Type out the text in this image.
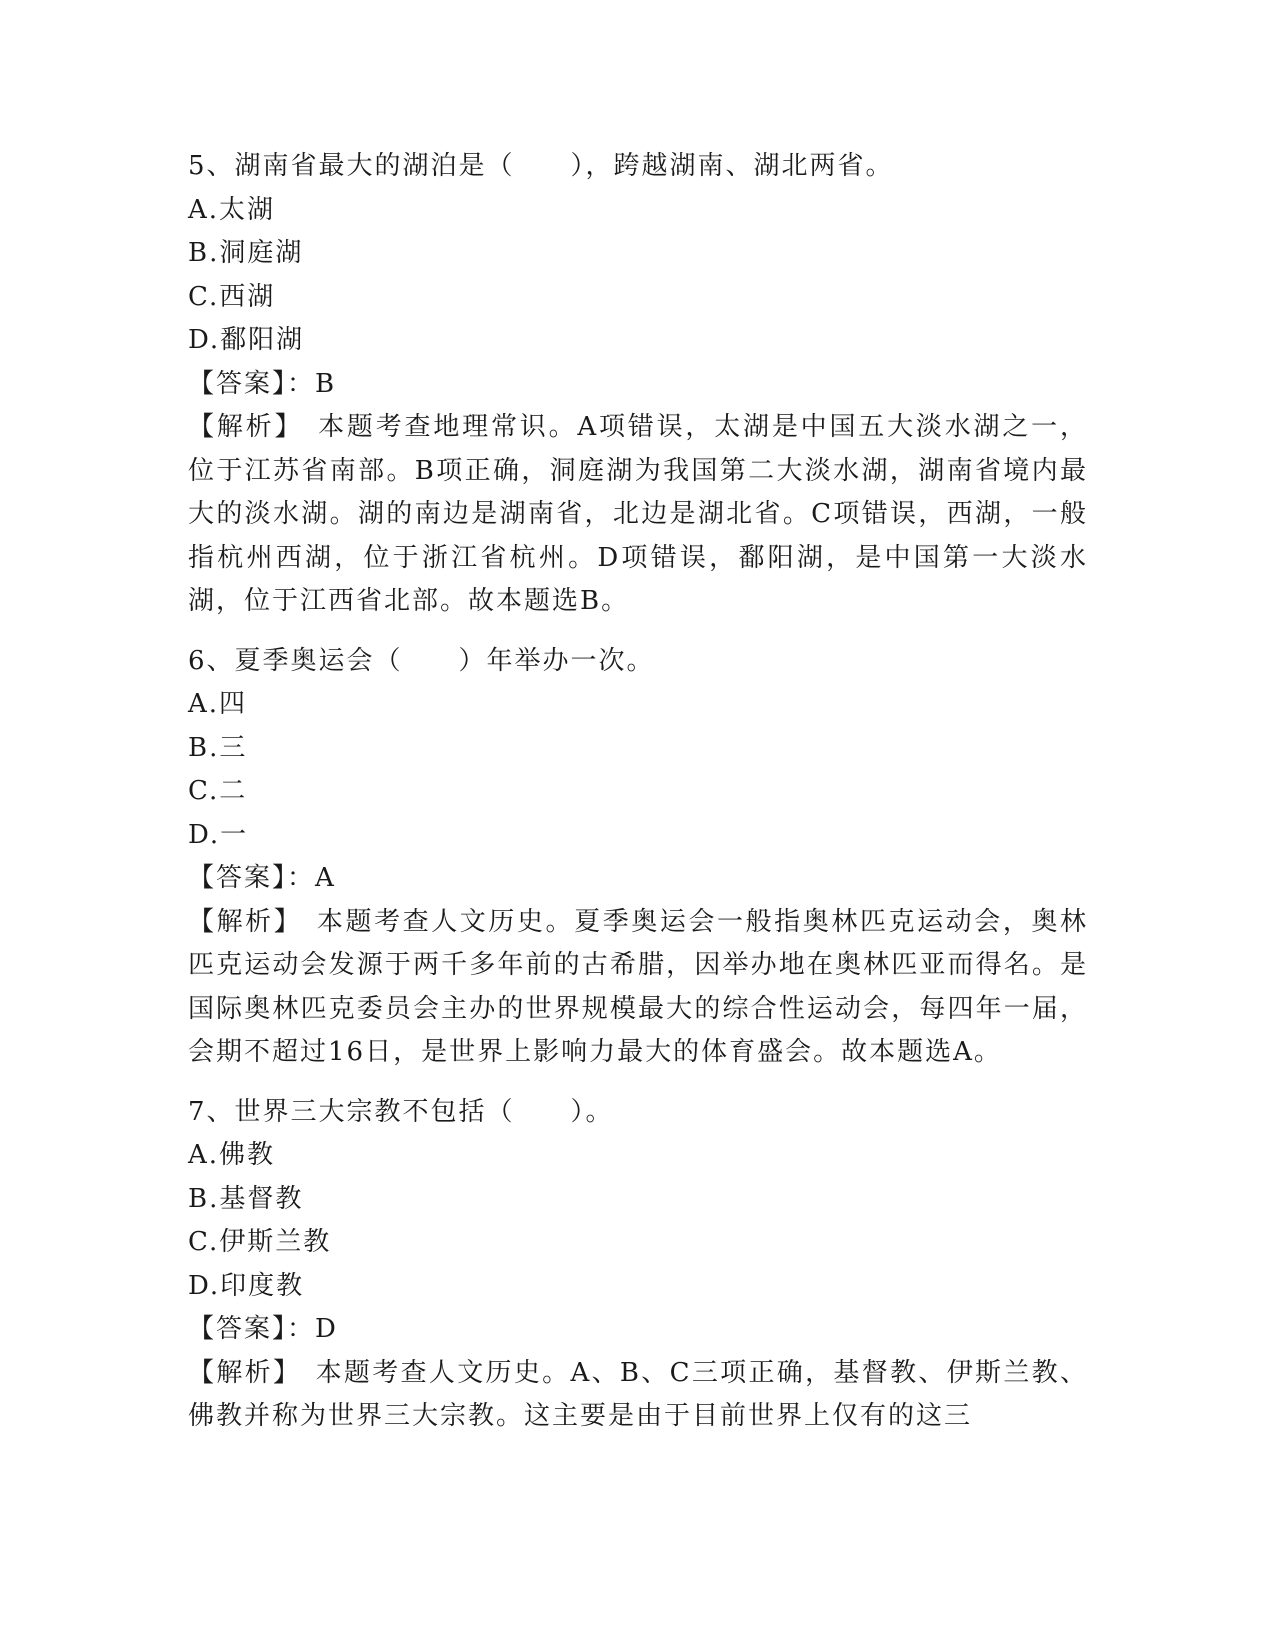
5、湖南省最大的湖泊是（　　），跨越湖南、湖北两省。
A.太湖
B.洞庭湖
C.西湖
D.鄱阳湖
【答案】：B
【解析】 本题考查地理常识。A项错误，太湖是中国五大淡水湖之一，位于江苏省南部。B项正确，洞庭湖为我国第二大淡水湖，湖南省境内最大的淡水湖。湖的南边是湖南省，北边是湖北省。C项错误，西湖，一般指杭州西湖，位于浙江省杭州。D项错误，鄱阳湖，是中国第一大淡水湖，位于江西省北部。故本题选B。
6、夏季奥运会（　　）年举办一次。
A.四
B.三
C.二
D.一
【答案】：A
【解析】 本题考查人文历史。夏季奥运会一般指奥林匹克运动会，奥林匹克运动会发源于两千多年前的古希腊，因举办地在奥林匹亚而得名。是国际奥林匹克委员会主办的世界规模最大的综合性运动会，每四年一届，会期不超过16日，是世界上影响力最大的体育盛会。故本题选A。
7、世界三大宗教不包括（　　）。
A.佛教
B.基督教
C.伊斯兰教
D.印度教
【答案】：D
【解析】 本题考查人文历史。A、B、C三项正确，基督教、伊斯兰教、佛教并称为世界三大宗教。这主要是由于目前世界上仅有的这三
